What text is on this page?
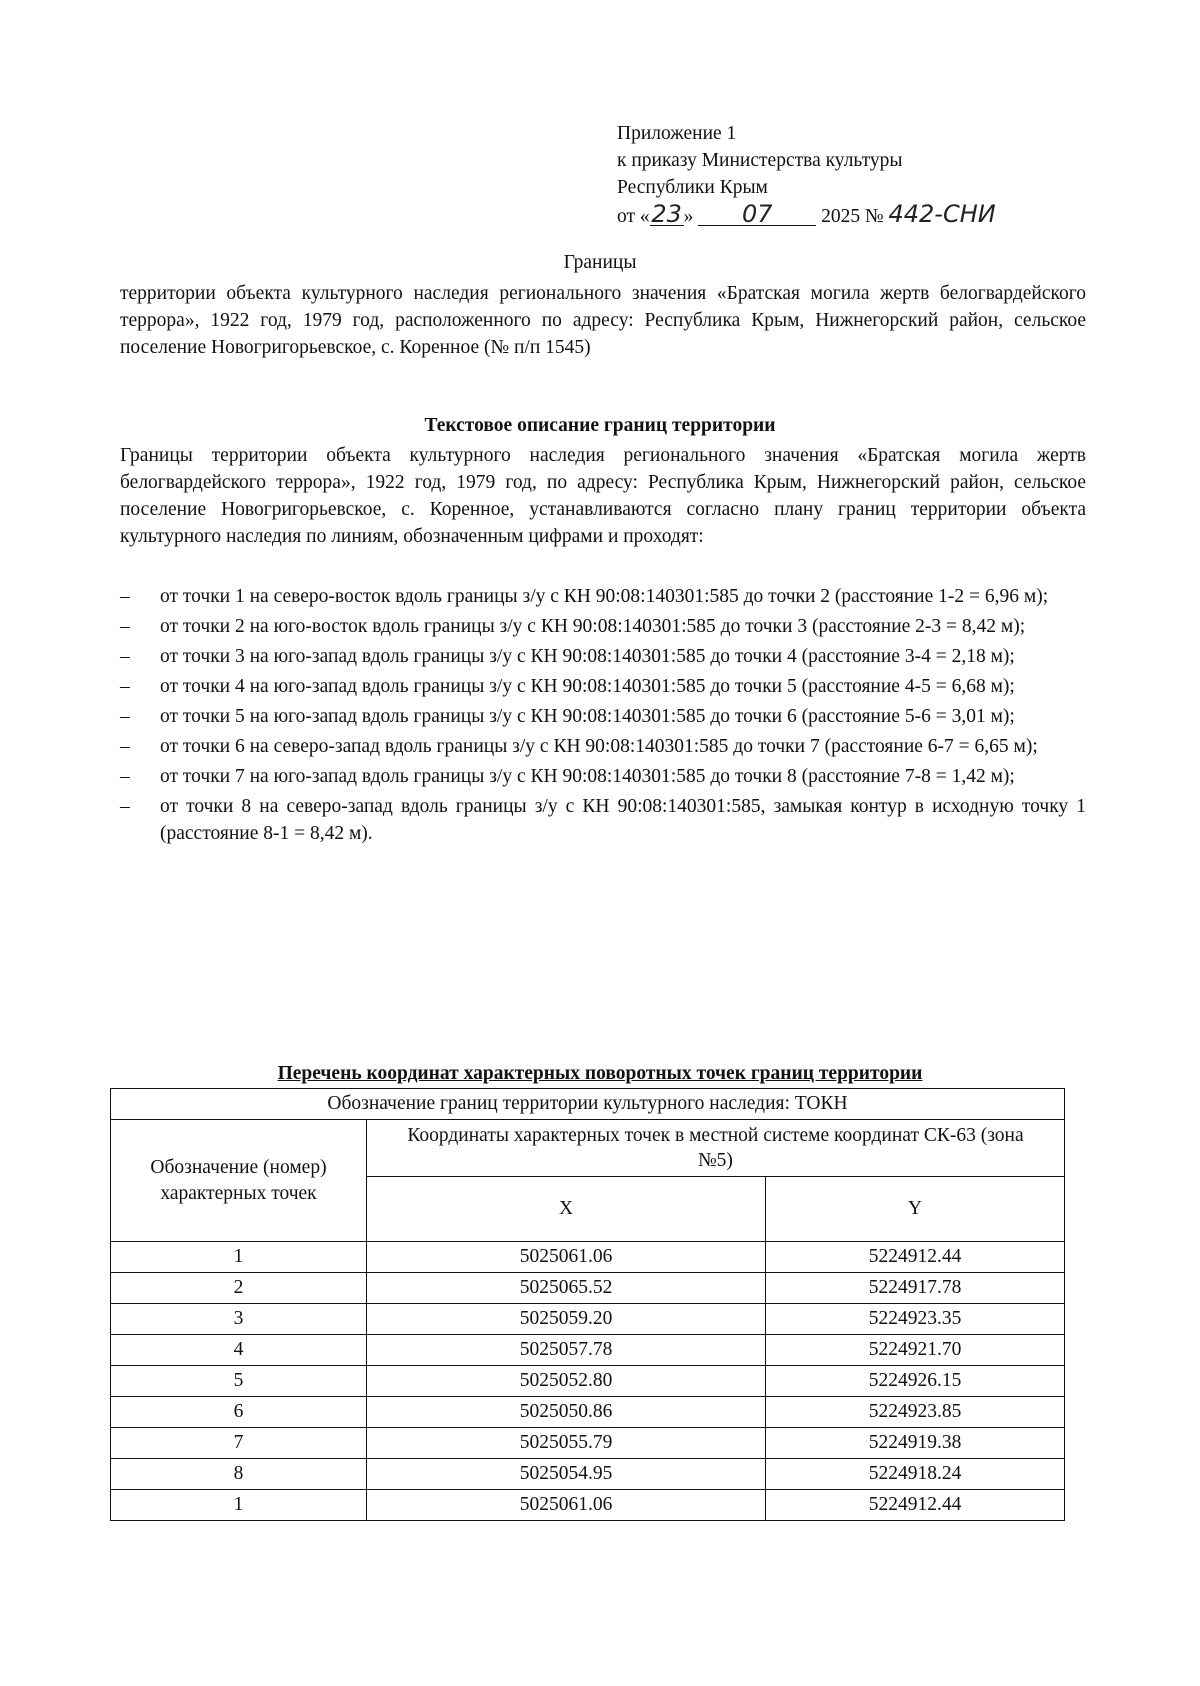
Приложение 1
к приказу Министерства культуры
Республики Крым
от «23» 07 2025 № 442-СНИ
Границы
территории объекта культурного наследия регионального значения «Братская могила жертв белогвардейского террора», 1922 год, 1979 год, расположенного по адресу: Республика Крым, Нижнегорский район, сельское поселение Новогригорьевское, с. Коренное (№ п/п 1545)
Текстовое описание границ территории
Границы территории объекта культурного наследия регионального значения «Братская могила жертв белогвардейского террора», 1922 год, 1979 год, по адресу: Республика Крым, Нижнегорский район, сельское поселение Новогригорьевское, с. Коренное, устанавливаются согласно плану границ территории объекта культурного наследия по линиям, обозначенным цифрами и проходят:
– от точки 1 на северо-восток вдоль границы з/у с КН 90:08:140301:585 до точки 2 (расстояние 1-2 = 6,96 м);
– от точки 2 на юго-восток вдоль границы з/у с КН 90:08:140301:585 до точки 3 (расстояние 2-3 = 8,42 м);
– от точки 3 на юго-запад вдоль границы з/у с КН 90:08:140301:585 до точки 4 (расстояние 3-4 = 2,18 м);
– от точки 4 на юго-запад вдоль границы з/у с КН 90:08:140301:585 до точки 5 (расстояние 4-5 = 6,68 м);
– от точки 5 на юго-запад вдоль границы з/у с КН 90:08:140301:585 до точки 6 (расстояние 5-6 = 3,01 м);
– от точки 6 на северо-запад вдоль границы з/у с КН 90:08:140301:585 до точки 7 (расстояние 6-7 = 6,65 м);
– от точки 7 на юго-запад вдоль границы з/у с КН 90:08:140301:585 до точки 8 (расстояние 7-8 = 1,42 м);
– от точки 8 на северо-запад вдоль границы з/у с КН 90:08:140301:585, замыкая контур в исходную точку 1 (расстояние 8-1 = 8,42 м).
Перечень координат характерных поворотных точек границ территории
Обозначение границ территории культурного наследия: ТОКН		
Обозначение (номер) характерных точек	Координаты характерных точек в местной системе координат СК-63 (зона №5)	
	X	Y
1	5025061.06	5224912.44
2	5025065.52	5224917.78
3	5025059.20	5224923.35
4	5025057.78	5224921.70
5	5025052.80	5224926.15
6	5025050.86	5224923.85
7	5025055.79	5224919.38
8	5025054.95	5224918.24
1	5025061.06	5224912.44
